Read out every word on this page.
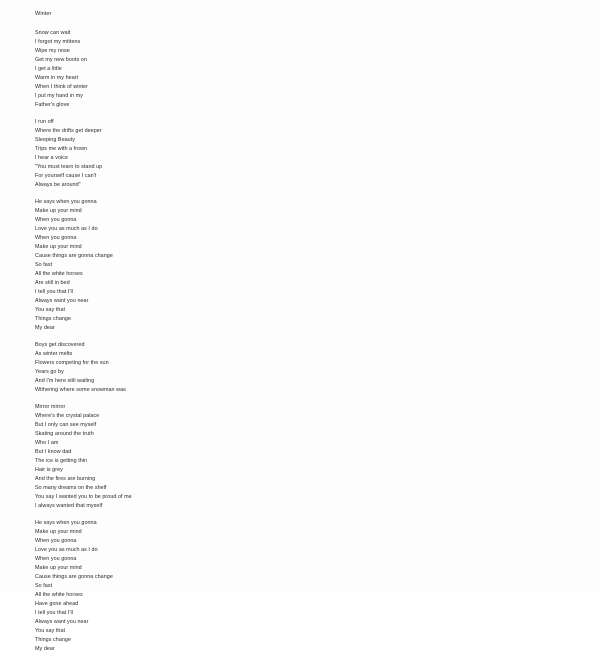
Winter
Snow can wait
I forgot my mittens
Wipe my nose
Get my new boots on
I get a little
Warm in my heart
When I think of winter
I put my hand in my
Father's glove
I run off
Where the drifts get deeper
Sleeping Beauty
Trips me with a frown
I hear a voice
"You must learn to stand up
For yourself cause I can't
Always be around"
He says when you gonna
Make up your mind
When you gonna
Love you as much as I do
When you gonna
Make up your mind
Cause things are gonna change
So fast
All the white horses
Are still in bed
I tell you that I'll
Always want you near
You say that
Things change
My dear
Boys get discovered
As winter melts
Flowers competing for the sun
Years go by
And I'm here still waiting
Withering where some snowman was
Mirror mirror
Where's the crystal palace
But I only can see myself
Skating around the truth
Who I am
But I know dad
The ice is getting thin
Hair is grey
And the fires are burning
So many dreams on the shelf
You say I wanted you to be proud of me
I always wanted that myself
He says when you gonna
Make up your mind
When you gonna
Love you as much as I do
When you gonna
Make up your mind
Cause things are gonna change
So fast
All the white horses
Have gone ahead
I tell you that I'll
Always want you near
You say that
Things change
My dear
